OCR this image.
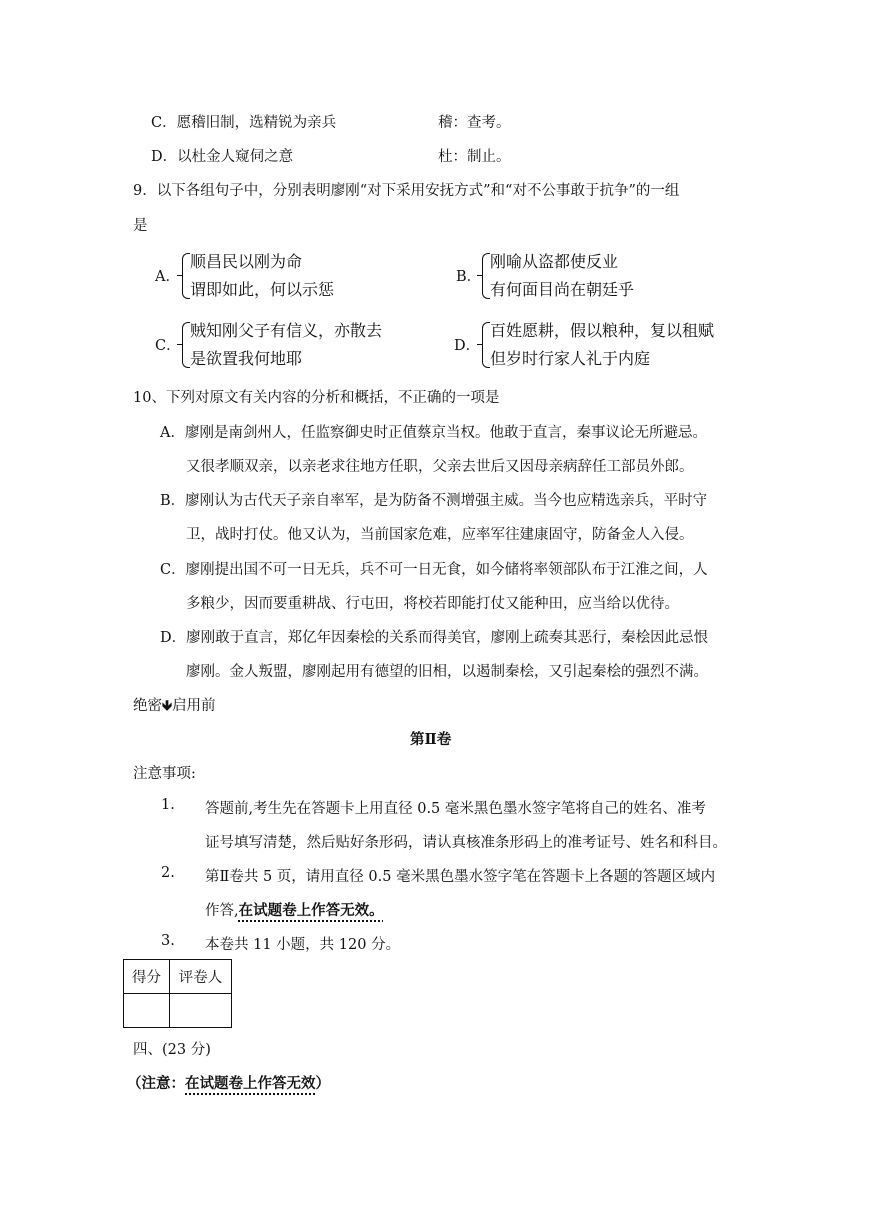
C．愿稽旧制，选精锐为亲兵	稽：查考。
D．以杜金人窥伺之意	杜：制止。
9．以下各组句子中，分别表明廖刚“对下采用安抚方式”和“对不公事敢于抗争”的一组
是
A．
顺昌民以刚为命
谓即如此，何以示惩
B．
刚喻从盗都使反业
有何面目尚在朝廷乎
C．
贼知刚父子有信义，亦散去
是欲置我何地耶
D．
百姓愿耕，假以粮种，复以租赋
但岁时行家人礼于内庭
10、下列对原文有关内容的分析和概括，不正确的一项是
A．廖刚是南剑州人，任监察御史时正值蔡京当权。他敢于直言，秦事议论无所避忌。
又很孝顺双亲，以亲老求往地方任职，父亲去世后又因母亲病辞任工部员外郎。
B．廖刚认为古代天子亲自率军，是为防备不测增强主威。当今也应精选亲兵，平时守
卫，战时打仗。他又认为，当前国家危难，应率军往建康固守，防备金人入侵。
C．廖刚提出国不可一日无兵，兵不可一日无食，如今储将率领部队布于江淮之间，人
多粮少，因而要重耕战、行屯田，将校若即能打仗又能种田，应当给以优待。
D．廖刚敢于直言，郑亿年因秦桧的关系而得美官，廖刚上疏奏其恶行，秦桧因此忌恨
廖刚。金人叛盟，廖刚起用有德望的旧相，以遏制秦桧，又引起秦桧的强烈不满。
绝密🡻启用前
第Ⅱ卷
注意事项:
1. 答题前,考生先在答题卡上用直径 0.5 毫米黑色墨水签字笔将自己的姓名、准考
证号填写清楚，然后贴好条形码，请认真核准条形码上的准考证号、姓名和科目。
2. 第Ⅱ卷共 5 页，请用直径 0.5 毫米黑色墨水签字笔在答题卡上各题的答题区域内
作答,在试题卷上作答无效。
3. 本卷共 11 小题，共 120 分。
得分	评卷人

四、(23 分)
（注意：在试题卷上作答无效）
